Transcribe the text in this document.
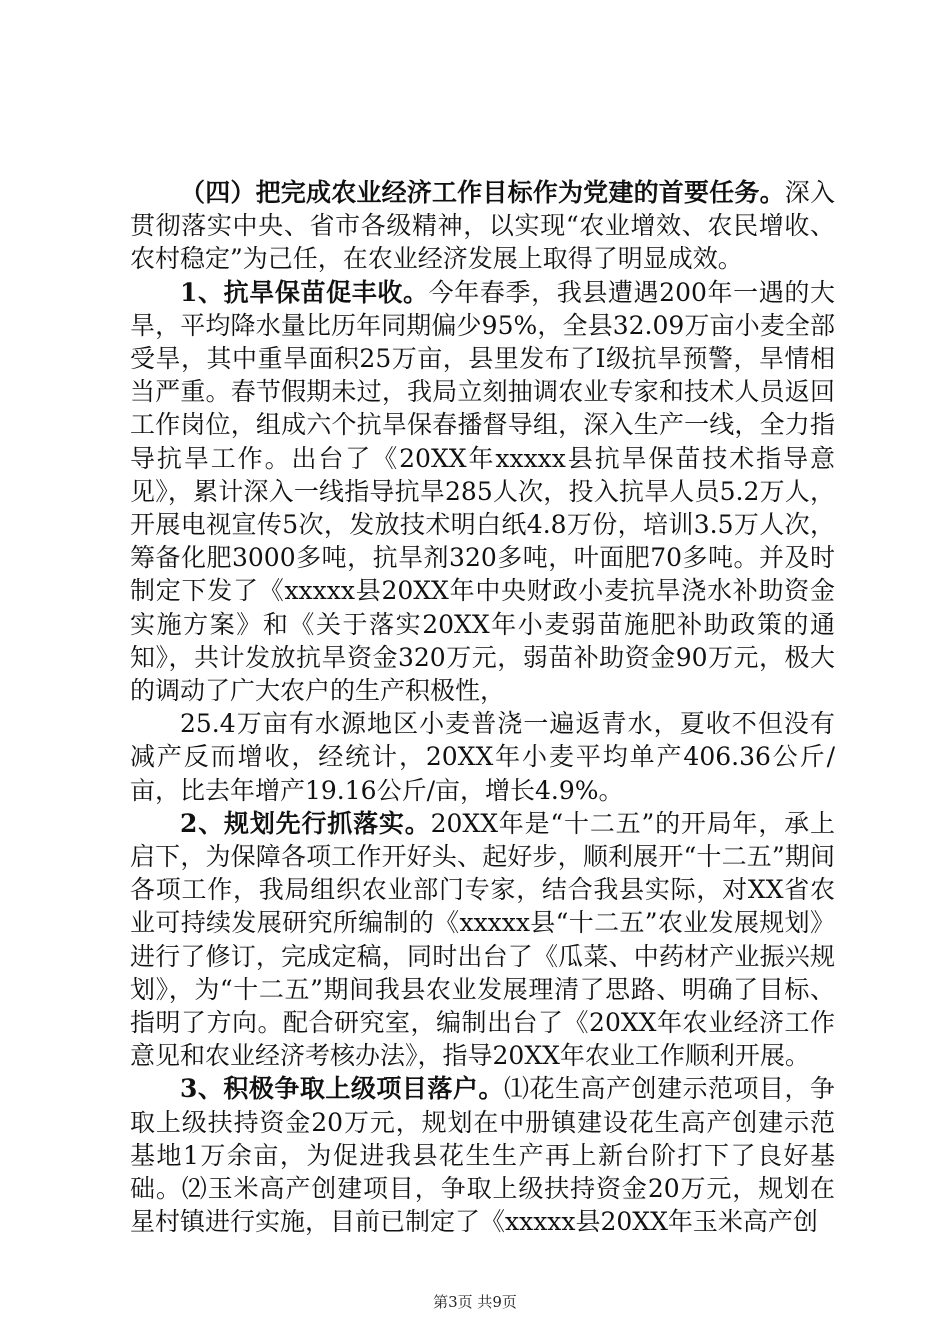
（四）把完成农业经济工作目标作为党建的首要任务。深入贯彻落实中央、省市各级精神，以实现“农业增效、农民增收、农村稳定”为己任，在农业经济发展上取得了明显成效。

1、抗旱保苗促丰收。今年春季，我县遭遇200年一遇的大旱，平均降水量比历年同期偏少95%，全县32.09万亩小麦全部受旱，其中重旱面积25万亩，县里发布了Ⅰ级抗旱预警，旱情相当严重。春节假期未过，我局立刻抽调农业专家和技术人员返回工作岗位，组成六个抗旱保春播督导组，深入生产一线，全力指导抗旱工作。出台了《20XX年xxxxx县抗旱保苗技术指导意见》，累计深入一线指导抗旱285人次，投入抗旱人员5.2万人，开展电视宣传5次，发放技术明白纸4.8万份，培训3.5万人次，筹备化肥3000多吨，抗旱剂320多吨，叶面肥70多吨。并及时制定下发了《xxxxx县20XX年中央财政小麦抗旱浇水补助资金实施方案》和《关于落实20XX年小麦弱苗施肥补助政策的通知》，共计发放抗旱资金320万元，弱苗补助资金90万元，极大的调动了广大农户的生产积极性，

25.4万亩有水源地区小麦普浇一遍返青水，夏收不但没有减产反而增收，经统计，20XX年小麦平均单产406.36公斤/亩，比去年增产19.16公斤/亩，增长4.9%。

2、规划先行抓落实。20XX年是“十二五”的开局年，承上启下，为保障各项工作开好头、起好步，顺利展开“十二五”期间各项工作，我局组织农业部门专家，结合我县实际，对XX省农业可持续发展研究所编制的《xxxxx县“十二五”农业发展规划》进行了修订，完成定稿，同时出台了《瓜菜、中药材产业振兴规划》，为“十二五”期间我县农业发展理清了思路、明确了目标、指明了方向。配合研究室，编制出台了《20XX年农业经济工作意见和农业经济考核办法》，指导20XX年农业工作顺利开展。

3、积极争取上级项目落户。⑴花生高产创建示范项目，争取上级扶持资金20万元，规划在中册镇建设花生高产创建示范基地1万余亩，为促进我县花生生产再上新台阶打下了良好基础。⑵玉米高产创建项目，争取上级扶持资金20万元，规划在星村镇进行实施，目前已制定了《xxxxx县20XX年玉米高产创

第3页 共9页
